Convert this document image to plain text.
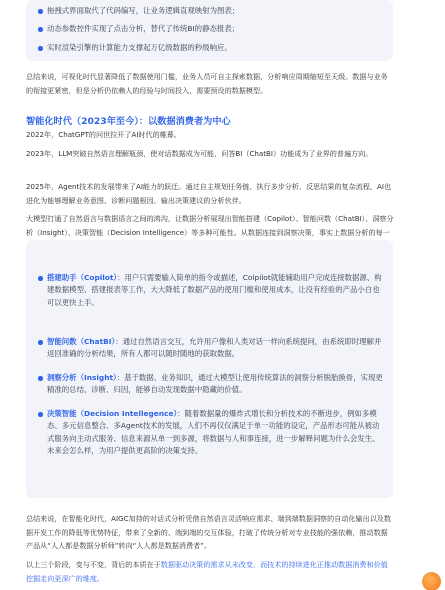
拖拽式界面取代了代码编写，让业务逻辑直观映射为图表；
动态参数控件实现了点击分析，替代了传统BI的静态报表；
实时渲染引擎的计算能力支撑起万亿级数据的秒级响应。

总结来说，可视化时代显著降低了数据使用门槛，业务人员可自主探索数据，分析响应周期缩短至天级。数据与业务的衔接更紧密，但是分析仍依赖人的经验与时间投入，需要预设的数据模型。

智能化时代（2023年至今）：以数据消费者为中心

2022年，ChatGPT的问世拉开了AI时代的帷幕。

2023年，LLM突破自然语言理解瓶颈，使对话数据成为可能，问答BI（ChatBI）功能成为了业界的普遍方向。

2025年，Agent技术的发展带来了AI能力的跃迁。通过自主规划任务链、执行多步分析、反思结果的复杂流程，AI也进化为能够理解业务意图、诊断问题根因、输出决策建议的分析伙伴。

大模型打通了自然语言与数据语言之间的鸿沟，让数据分析展现出智能搭建（Copilot）、智能问数（ChatBI）、洞察分析（Insight）、决策智能（Decision Intelligence）等多种可能性。从数据连接到洞察决策，事实上数据分析的每一

搭建助手（Copilot）：用户只需要输入简单的指令或描述，Colpilot就能辅助用户完成连接数据源、构建数据模型、搭建报表等工作，大大降低了数据产品的使用门槛和使用成本，让没有经验的产品小白也可以更快上手。
智能问数（ChatBI）：通过自然语言交互，允许用户像和人类对话一样向系统提问，由系统即时理解并返回准确的分析结果，所有人都可以随时随地的获取数据。
洞察分析（Insight）：基于数据、业务知识，通过大模型让使用传统算法的洞察分析脱胎换骨，实现更精准的总结、诊断、归因，能够自动发现数据中隐藏的价值。
决策智能（Decision Intellegence）：随着数据量的爆炸式增长和分析技术的不断进步，例如多模态、多元信息整合、多Agent技术的发展，人们不再仅仅满足于单一功能的设定，产品形态可能从被动式服务向主动式服务、信息来源从单一到多源，将数据与人和事连接，进一步解释问题为什么会发生、未来会怎么样，为用户提供更高阶的决策支持。

总结来说，在智能化时代，AIGC加持的对话式分析凭借自然语言灵活响应需求、端到端数据洞察的自动化输出以及数据开发工作的降低等优势特征，带来了全新的、端到端的交互体验，打破了传统分析对专业技能的强依赖，推动数据产品从“人人都是数据分析师”转向“人人都是数据消费者”。

以上三个阶段，变与不变，背后的本质在于数据驱动决策的需求从未改变，而技术的持续进化正推动数据消费和价值挖掘走向更深广的维度。
